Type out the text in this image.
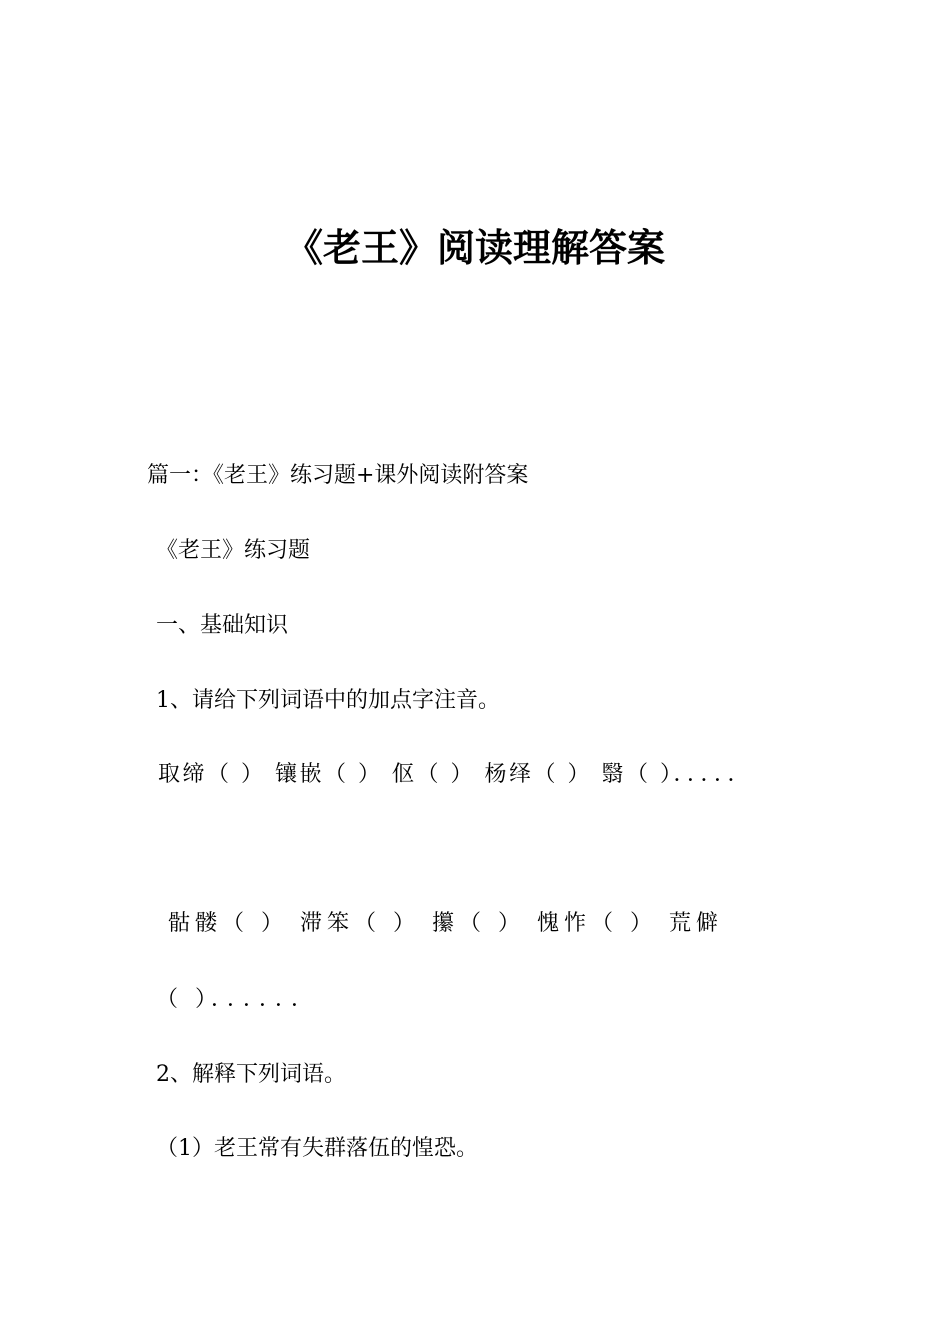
《老王》阅读理解答案

篇一：《老王》练习题+课外阅读附答案

《老王》练习题

一、基础知识

1、请给下列词语中的加点字注音。

取缔（ ） 镶嵌（ ） 伛（ ） 杨绎（ ） 翳（ ）．．．．．

骷髅（ ） 滞笨（ ） 攥（ ） 愧怍（ ） 荒僻

（ ）．．．．．．

2、解释下列词语。

（1）老王常有失群落伍的惶恐。
